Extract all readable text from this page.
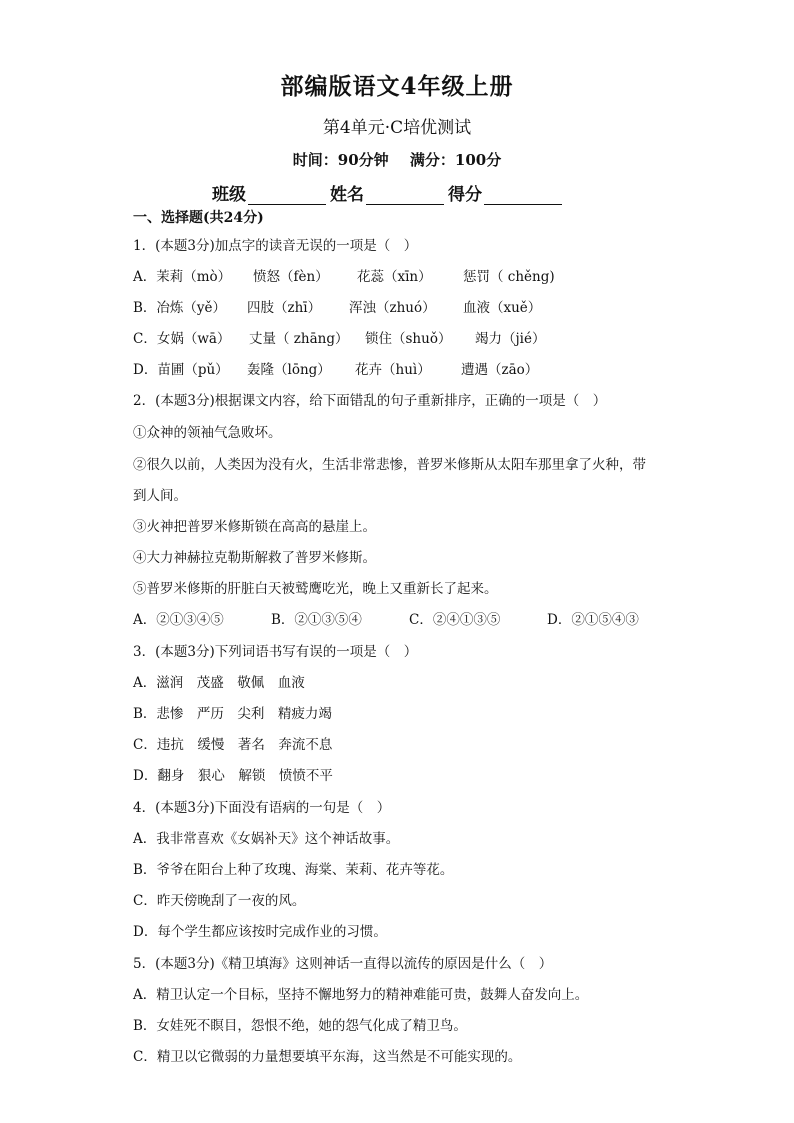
部编版语文4年级上册
第4单元·C培优测试
时间：90分钟 满分：100分
班级	姓名	得分
一、选择题(共24分)
1．(本题3分)加点字的读音无误的一项是（　）
A．茉莉（mò）	愤怒（fèn）	花蕊（xīn）	惩罚（ chěng)
B．冶炼（yě）	四肢（zhī）	浑浊（zhuó）	血液（xuě）
C．女娲（wā）	丈量（ zhāng）	锁住（shuǒ）	竭力（jié）
D．苗圃（pǔ）	轰隆（lōng）	花卉（huì）	遭遇（zāo）
2．(本题3分)根据课文内容，给下面错乱的句子重新排序，正确的一项是（　）
①众神的领袖气急败坏。
②很久以前，人类因为没有火，生活非常悲惨，普罗米修斯从太阳车那里拿了火种，带
到人间。
③火神把普罗米修斯锁在高高的悬崖上。
④大力神赫拉克勒斯解救了普罗米修斯。
⑤普罗米修斯的肝脏白天被鹫鹰吃光，晚上又重新长了起来。
A．②①③④⑤	B．②①③⑤④	C．②④①③⑤	D．②①⑤④③
3．(本题3分)下列词语书写有误的一项是（　）
A．滋润　茂盛　敬佩　血液
B．悲惨　严历　尖利　精疲力竭
C．违抗　缓慢　著名　奔流不息
D．翻身　狠心　解锁　愤愤不平
4．(本题3分)下面没有语病的一句是（　）
A．我非常喜欢《女娲补天》这个神话故事。
B．爷爷在阳台上种了玫瑰、海棠、茉莉、花卉等花。
C．昨天傍晚刮了一夜的风。
D．每个学生都应该按时完成作业的习惯。
5．(本题3分)《精卫填海》这则神话一直得以流传的原因是什么（　）
A．精卫认定一个目标，坚持不懈地努力的精神难能可贵，鼓舞人奋发向上。
B．女娃死不瞑目，怨恨不绝，她的怨气化成了精卫鸟。
C．精卫以它微弱的力量想要填平东海，这当然是不可能实现的。
